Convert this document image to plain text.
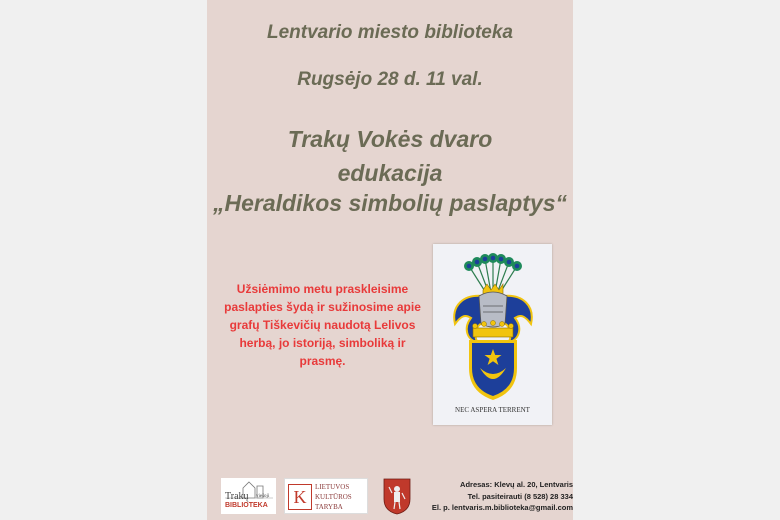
Lentvario miesto biblioteka
Rugsėjo 28 d. 11 val.
Trakų Vokės dvaro
edukacija
„Heraldikos simbolių paslaptys“
Užsiėmimo metu praskleisime paslapties šydą ir sužinosime apie grafų Tiškevičių naudotą Lelivos herbą, jo istoriją, simboliką ir prasmę.
NEC ASPERA TERRENT
Trakų viešoji
BIBLIOTEKA	K	LIETUVOS
KULTŪROS
TARYBA
Adresas: Klevų al. 20, Lentvaris
Tel. pasiteirauti (8 528) 28 334
El. p. lentvaris.m.biblioteka@gmail.com
